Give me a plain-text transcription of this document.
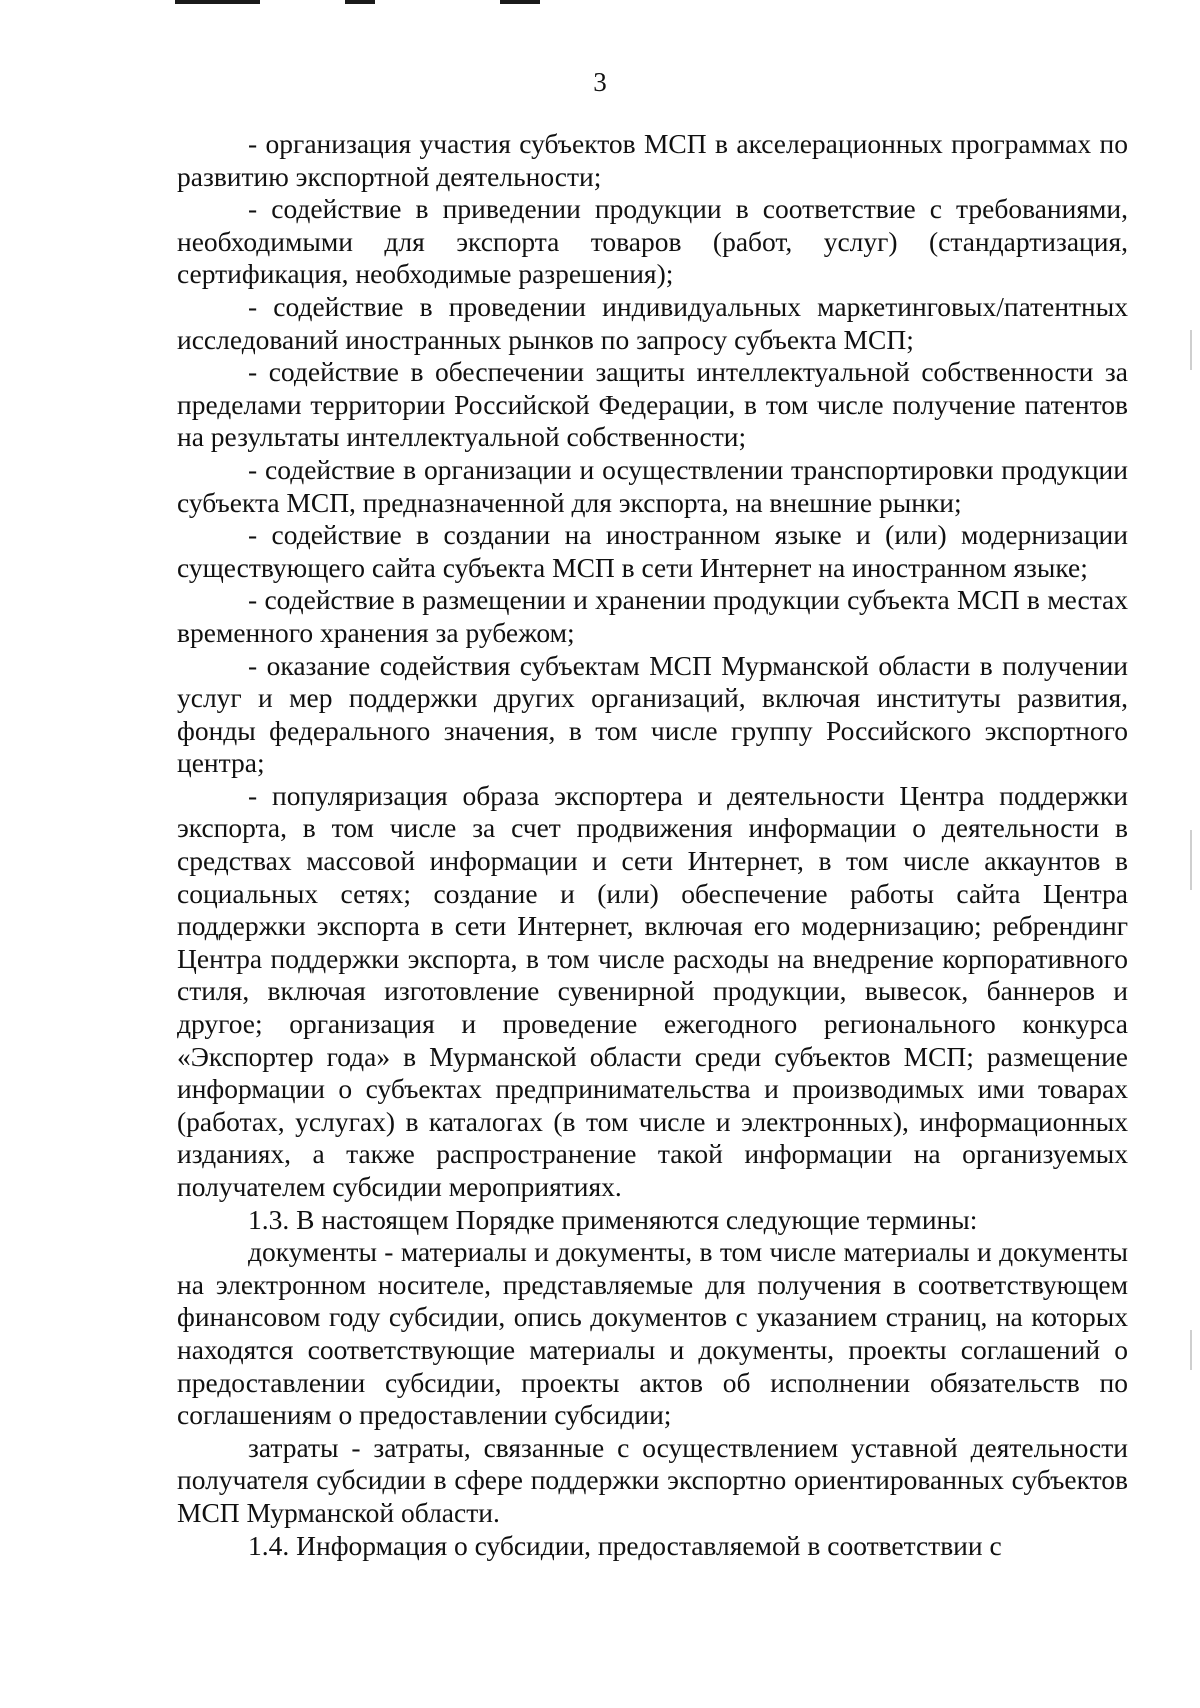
3

- организация участия субъектов МСП в акселерационных программах по развитию экспортной деятельности;

- содействие в приведении продукции в соответствие с требованиями, необходимыми для экспорта товаров (работ, услуг) (стандартизация, сертификация, необходимые разрешения);

- содействие в проведении индивидуальных маркетинговых/патентных исследований иностранных рынков по запросу субъекта МСП;

- содействие в обеспечении защиты интеллектуальной собственности за пределами территории Российской Федерации, в том числе получение патентов на результаты интеллектуальной собственности;

- содействие в организации и осуществлении транспортировки продукции субъекта МСП, предназначенной для экспорта, на внешние рынки;

- содействие в создании на иностранном языке и (или) модернизации существующего сайта субъекта МСП в сети Интернет на иностранном языке;

- содействие в размещении и хранении продукции субъекта МСП в местах временного хранения за рубежом;

- оказание содействия субъектам МСП Мурманской области в получении услуг и мер поддержки других организаций, включая институты развития, фонды федерального значения, в том числе группу Российского экспортного центра;

- популяризация образа экспортера и деятельности Центра поддержки экспорта, в том числе за счет продвижения информации о деятельности в средствах массовой информации и сети Интернет, в том числе аккаунтов в социальных сетях; создание и (или) обеспечение работы сайта Центра поддержки экспорта в сети Интернет, включая его модернизацию; ребрендинг Центра поддержки экспорта, в том числе расходы на внедрение корпоративного стиля, включая изготовление сувенирной продукции, вывесок, баннеров и другое; организация и проведение ежегодного регионального конкурса «Экспортер года» в Мурманской области среди субъектов МСП; размещение информации о субъектах предпринимательства и производимых ими товарах (работах, услугах) в каталогах (в том числе и электронных), информационных изданиях, а также распространение такой информации на организуемых получателем субсидии мероприятиях.

1.3. В настоящем Порядке применяются следующие термины:

документы - материалы и документы, в том числе материалы и документы на электронном носителе, представляемые для получения в соответствующем финансовом году субсидии, опись документов с указанием страниц, на которых находятся соответствующие материалы и документы, проекты соглашений о предоставлении субсидии, проекты актов об исполнении обязательств по соглашениям о предоставлении субсидии;

затраты - затраты, связанные с осуществлением уставной деятельности получателя субсидии в сфере поддержки экспортно ориентированных субъектов МСП Мурманской области.

1.4. Информация о субсидии, предоставляемой в соответствии с
